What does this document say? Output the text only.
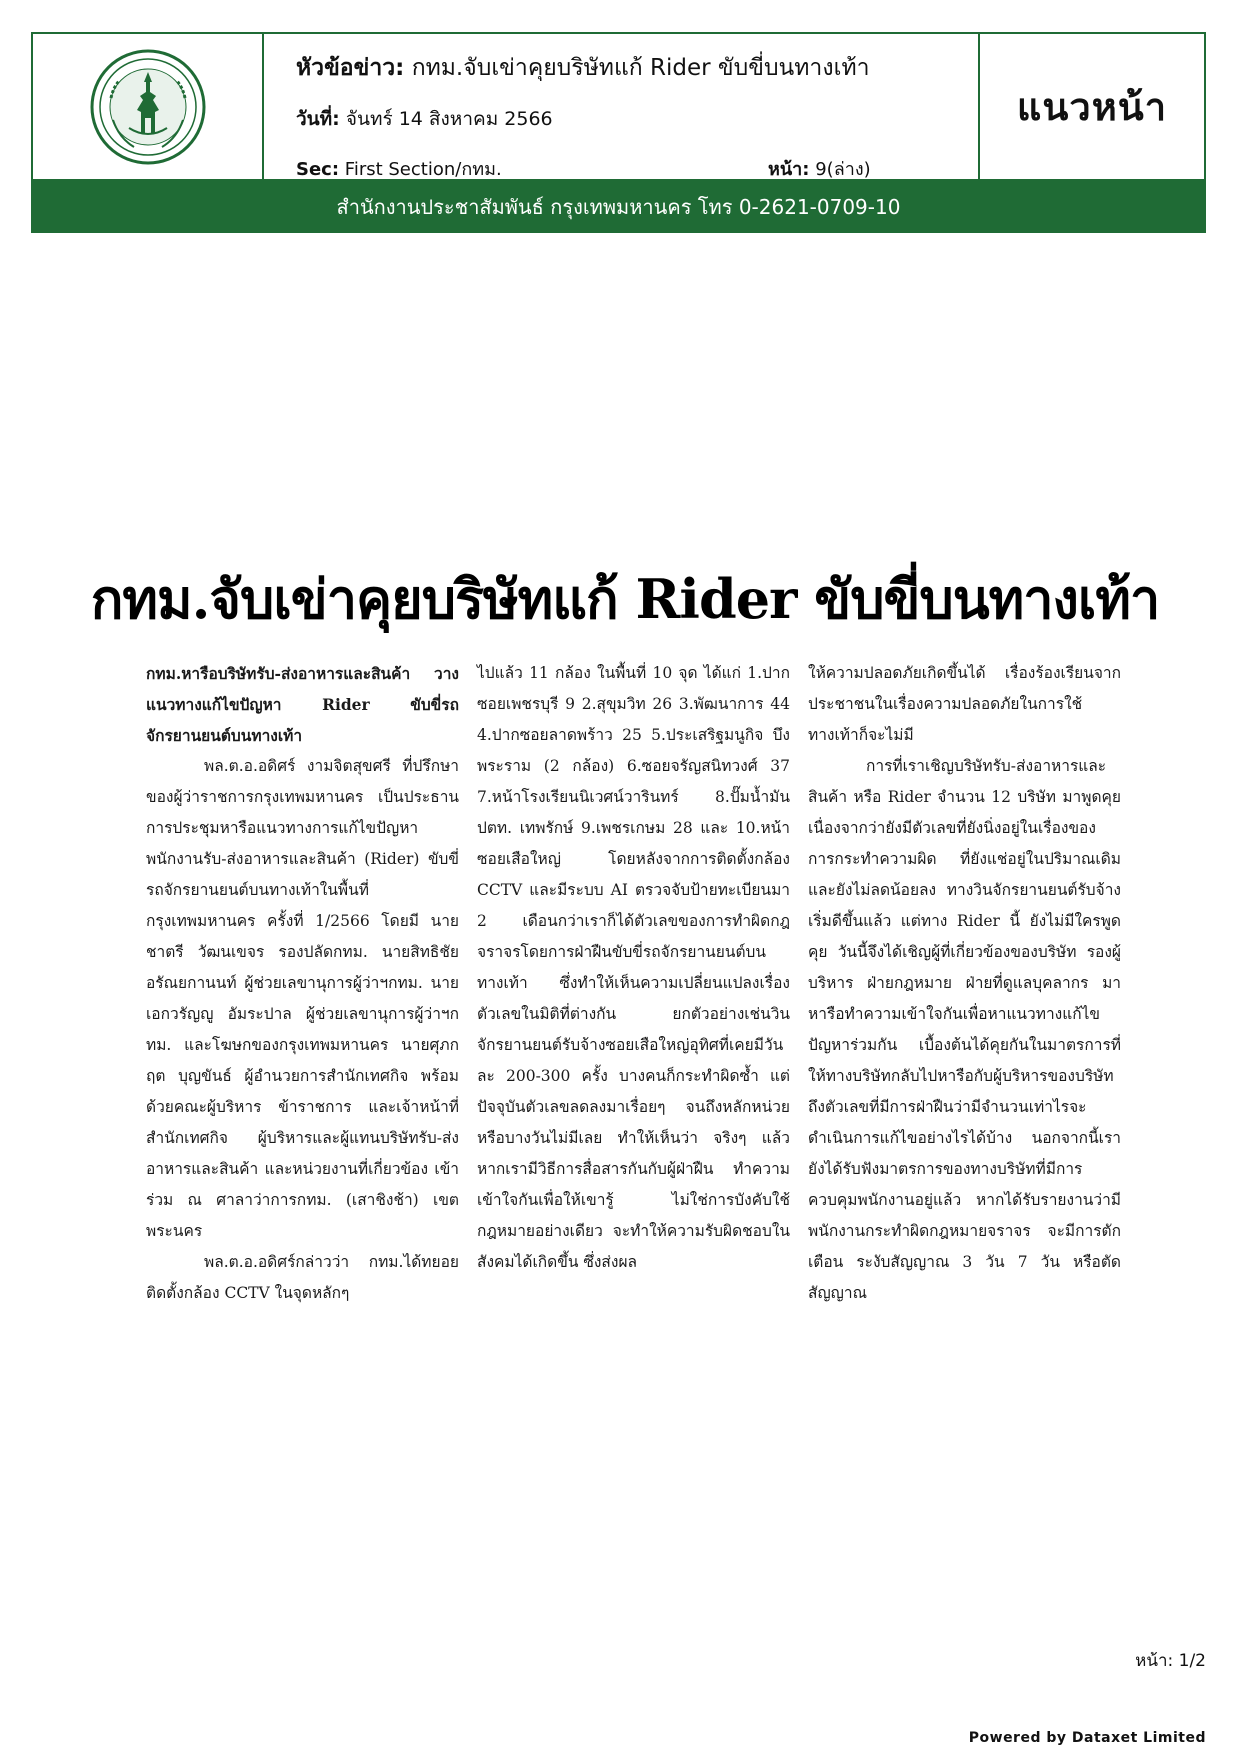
หัวข้อข่าว: กทม.จับเข่าคุยบริษัทแก้ Rider ขับขี่บนทางเท้า
วันที่: จันทร์ 14 สิงหาคม 2566
Sec: First Section/กทม.	หน้า: 9(ล่าง)
แนวหน้า
สำนักงานประชาสัมพันธ์ กรุงเทพมหานคร โทร 0-2621-0709-10
กทม.จับเข่าคุยบริษัทแก้ Rider ขับขี่บนทางเท้า

กทม.หารือบริษัทรับ-ส่งอาหารและสินค้า วางแนวทางแก้ไขปัญหา Rider ขับขี่รถจักรยานยนต์บนทางเท้า

พล.ต.อ.อดิศร์ งามจิตสุขศรี ที่ปรึกษาของผู้ว่าราชการกรุงเทพมหานคร เป็นประธานการประชุมหารือแนวทางการแก้ไขปัญหาพนักงานรับ-ส่งอาหารและสินค้า (Rider) ขับขี่รถจักรยานยนต์บนทางเท้าในพื้นที่กรุงเทพมหานคร ครั้งที่ 1/2566 โดยมี นายชาตรี วัฒนเขจร รองปลัดกทม. นายสิทธิชัย อรัณยกานนท์ ผู้ช่วยเลขานุการผู้ว่าฯกทม. นายเอกวรัญญู อัมระปาล ผู้ช่วยเลขานุการผู้ว่าฯกทม. และโฆษกของกรุงเทพมหานคร นายศุภกฤต บุญขันธ์ ผู้อำนวยการสำนักเทศกิจ พร้อมด้วยคณะผู้บริหาร ข้าราชการ และเจ้าหน้าที่สำนักเทศกิจ ผู้บริหารและผู้แทนบริษัทรับ-ส่งอาหารและสินค้า และหน่วยงานที่เกี่ยวข้อง เข้าร่วม ณ ศาลาว่าการกทม. (เสาชิงช้า) เขตพระนคร

พล.ต.อ.อดิศร์กล่าวว่า กทม.ได้ทยอยติดตั้งกล้อง CCTV ในจุดหลักๆ

ไปแล้ว 11 กล้อง ในพื้นที่ 10 จุด ได้แก่ 1.ปากซอยเพชรบุรี 9 2.สุขุมวิท 26 3.พัฒนาการ 44 4.ปากซอยลาดพร้าว 25 5.ประเสริฐมนูกิจ บึงพระราม (2 กล้อง) 6.ซอยจรัญสนิทวงศ์ 37 7.หน้าโรงเรียนนิเวศน์วารินทร์ 8.ปั๊มน้ำมันปตท. เทพรักษ์ 9.เพชรเกษม 28 และ 10.หน้าซอยเสือใหญ่ โดยหลังจากการติดตั้งกล้อง CCTV และมีระบบ AI ตรวจจับป้ายทะเบียนมา 2 เดือนกว่าเราก็ได้ตัวเลขของการทำผิดกฎจราจรโดยการฝ่าฝืนขับขี่รถจักรยานยนต์บนทางเท้า ซึ่งทำให้เห็นความเปลี่ยนแปลงเรื่องตัวเลขในมิติที่ต่างกัน ยกตัวอย่างเช่นวินจักรยานยนต์รับจ้างซอยเสือใหญ่อุทิศที่เคยมีวันละ 200-300 ครั้ง บางคนก็กระทำผิดซ้ำ แต่ปัจจุบันตัวเลขลดลงมาเรื่อยๆ จนถึงหลักหน่วย หรือบางวันไม่มีเลย ทำให้เห็นว่า จริงๆ แล้ว หากเรามีวิธีการสื่อสารกันกับผู้ฝ่าฝืน ทำความเข้าใจกันเพื่อให้เขารู้ ไม่ใช่การบังคับใช้กฎหมายอย่างเดียว จะทำให้ความรับผิดชอบในสังคมได้เกิดขึ้น ซึ่งส่งผล

ให้ความปลอดภัยเกิดขึ้นได้ เรื่องร้องเรียนจากประชาชนในเรื่องความปลอดภัยในการใช้ทางเท้าก็จะไม่มี

การที่เราเชิญบริษัทรับ-ส่งอาหารและสินค้า หรือ Rider จำนวน 12 บริษัท มาพูดคุย เนื่องจากว่ายังมีตัวเลขที่ยังนิ่งอยู่ในเรื่องของการกระทำความผิด ที่ยังแช่อยู่ในปริมาณเดิมและยังไม่ลดน้อยลง ทางวินจักรยานยนต์รับจ้างเริ่มดีขึ้นแล้ว แต่ทาง Rider นี้ ยังไม่มีใครพูดคุย วันนี้จึงได้เชิญผู้ที่เกี่ยวข้องของบริษัท รองผู้บริหาร ฝ่ายกฎหมาย ฝ่ายที่ดูแลบุคลากร มาหารือทำความเข้าใจกันเพื่อหาแนวทางแก้ไขปัญหาร่วมกัน เบื้องต้นได้คุยกันในมาตรการที่ให้ทางบริษัทกลับไปหารือกับผู้บริหารของบริษัท ถึงตัวเลขที่มีการฝ่าฝืนว่ามีจำนวนเท่าไรจะดำเนินการแก้ไขอย่างไรได้บ้าง นอกจากนี้เรายังได้รับฟังมาตรการของทางบริษัทที่มีการควบคุมพนักงานอยู่แล้ว หากได้รับรายงานว่ามีพนักงานกระทำผิดกฎหมายจราจร จะมีการตักเตือน ระงับสัญญาณ 3 วัน 7 วัน หรือตัดสัญญาณ

หน้า: 1/2
Powered by Dataxet Limited
